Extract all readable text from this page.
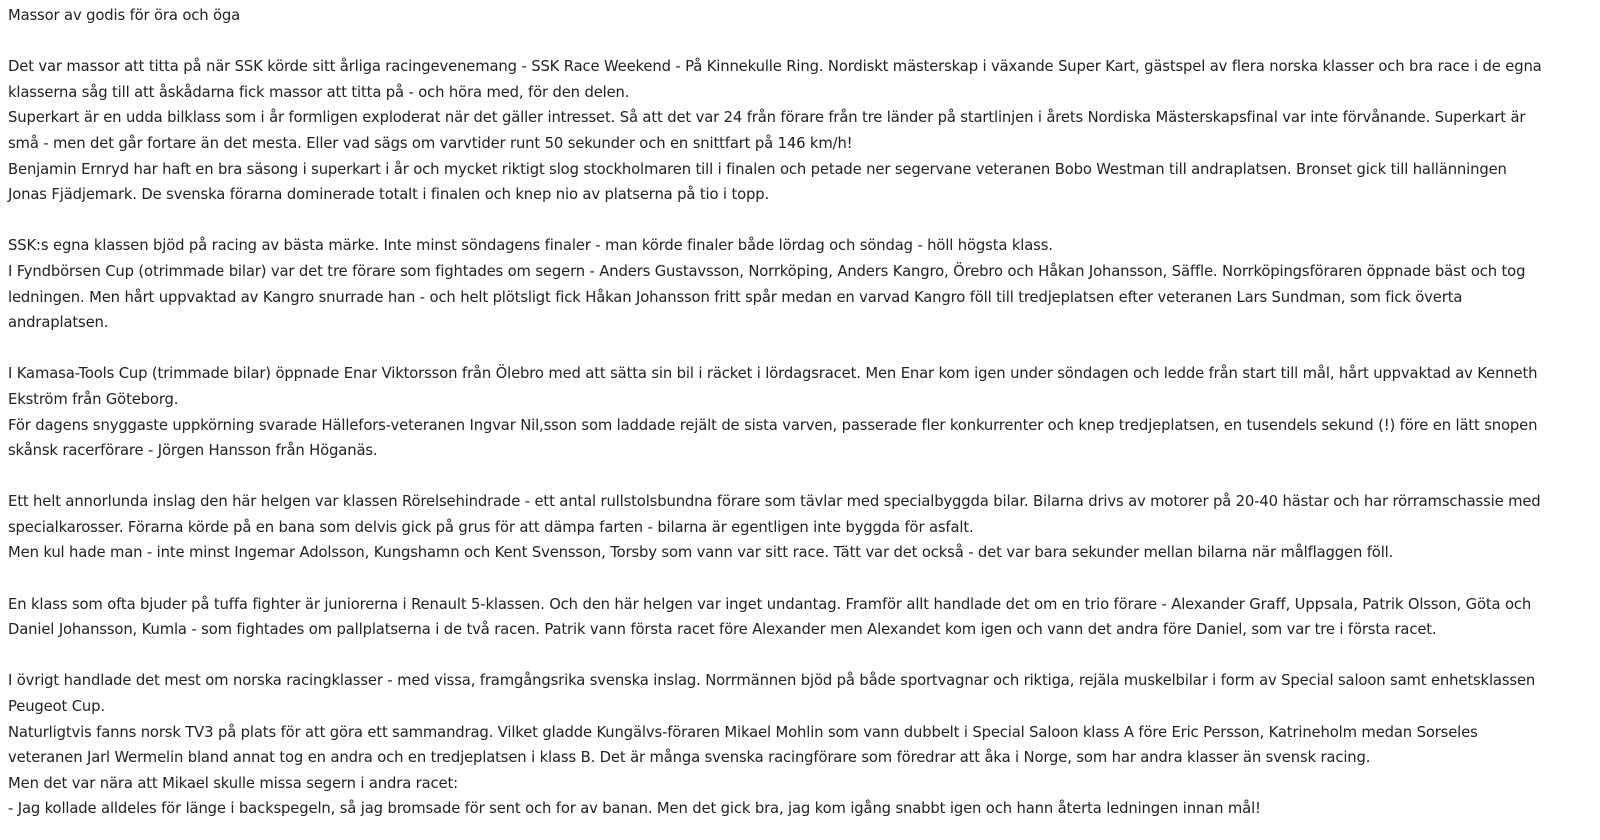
Massor av godis för öra och öga
Det var massor att titta på när SSK körde sitt årliga racingevenemang - SSK Race Weekend - På Kinnekulle Ring. Nordiskt mästerskap i växande Super Kart, gästspel av flera norska klasser och bra race i de egna
klasserna såg till att åskådarna fick massor att titta på - och höra med, för den delen.
Superkart är en udda bilklass som i år formligen exploderat när det gäller intresset. Så att det var 24 från förare från tre länder på startlinjen i årets Nordiska Mästerskapsfinal var inte förvånande. Superkart är
små - men det går fortare än det mesta. Eller vad sägs om varvtider runt 50 sekunder och en snittfart på 146 km/h!
Benjamin Ernryd har haft en bra säsong i superkart i år och mycket riktigt slog stockholmaren till i finalen och petade ner segervane veteranen Bobo Westman till andraplatsen. Bronset gick till hallänningen
Jonas Fjädjemark. De svenska förarna dominerade totalt i finalen och knep nio av platserna på tio i topp.
SSK:s egna klassen bjöd på racing av bästa märke. Inte minst söndagens finaler - man körde finaler både lördag och söndag - höll högsta klass.
I Fyndbörsen Cup (otrimmade bilar) var det tre förare som fightades om segern - Anders Gustavsson, Norrköping, Anders Kangro, Örebro och Håkan Johansson, Säffle. Norrköpingsföraren öppnade bäst och tog
ledningen. Men hårt uppvaktad av Kangro snurrade han - och helt plötsligt fick Håkan Johansson fritt spår medan en varvad Kangro föll till tredjeplatsen efter veteranen Lars Sundman, som fick överta
andraplatsen.
I Kamasa-Tools Cup (trimmade bilar) öppnade Enar Viktorsson från Ölebro med att sätta sin bil i räcket i lördagsracet. Men Enar kom igen under söndagen och ledde från start till mål, hårt uppvaktad av Kenneth
Ekström från Göteborg.
För dagens snyggaste uppkörning svarade Hällefors-veteranen Ingvar Nil,sson som laddade rejält de sista varven, passerade fler konkurrenter och knep tredjeplatsen, en tusendels sekund (!) före en lätt snopen
skånsk racerförare - Jörgen Hansson från Höganäs.
Ett helt annorlunda inslag den här helgen var klassen Rörelsehindrade - ett antal rullstolsbundna förare som tävlar med specialbyggda bilar. Bilarna drivs av motorer på 20-40 hästar och har rörramschassie med
specialkarosser. Förarna körde på en bana som delvis gick på grus för att dämpa farten - bilarna är egentligen inte byggda för asfalt.
Men kul hade man - inte minst Ingemar Adolsson, Kungshamn och Kent Svensson, Torsby som vann var sitt race. Tätt var det också - det var bara sekunder mellan bilarna när målflaggen föll.
En klass som ofta bjuder på tuffa fighter är juniorerna i Renault 5-klassen. Och den här helgen var inget undantag. Framför allt handlade det om en trio förare - Alexander Graff, Uppsala, Patrik Olsson, Göta och
Daniel Johansson, Kumla - som fightades om pallplatserna i de två racen. Patrik vann första racet före Alexander men Alexandet kom igen och vann det andra före Daniel, som var tre i första racet.
I övrigt handlade det mest om norska racingklasser - med vissa, framgångsrika svenska inslag. Norrmännen bjöd på både sportvagnar och riktiga, rejäla muskelbilar i form av Special saloon samt enhetsklassen
Peugeot Cup.
Naturligtvis fanns norsk TV3 på plats för att göra ett sammandrag. Vilket gladde Kungälvs-föraren Mikael Mohlin som vann dubbelt i Special Saloon klass A före Eric Persson, Katrineholm medan Sorseles
veteranen Jarl Wermelin bland annat tog en andra och en tredjeplatsen i klass B. Det är många svenska racingförare som föredrar att åka i Norge, som har andra klasser än svensk racing.
Men det var nära att Mikael skulle missa segern i andra racet:
- Jag kollade alldeles för länge i backspegeln, så jag bromsade för sent och for av banan. Men det gick bra, jag kom igång snabbt igen och hann återta ledningen innan mål!
